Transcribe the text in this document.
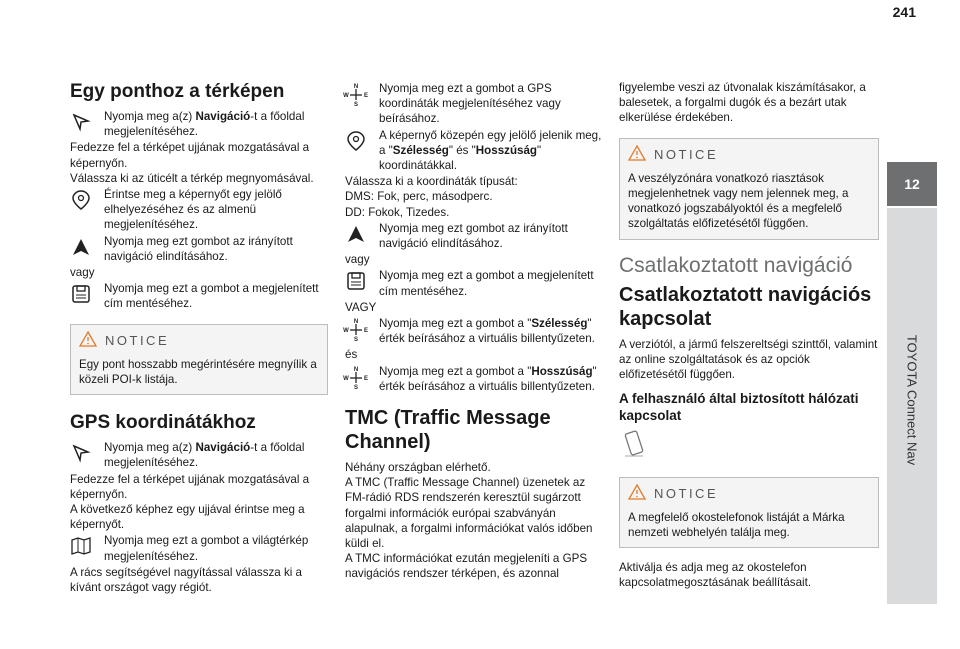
241
12
TOYOTA Connect Nav
Egy ponthoz a térképen
Nyomja meg a(z) Navigáció-t a főoldal megjelenítéséhez.

Fedezze fel a térképet ujjának mozgatásával a képernyőn.

Válassza ki az úticélt a térkép megnyomásával.

Érintse meg a képernyőt egy jelölő elhelyezéséhez és az almenü megjelenítéséhez.
Nyomja meg ezt gombot az irányított navigáció elindításához.

vagy

Nyomja meg ezt a gombot a megjelenített cím mentéséhez.
NOTICE

Egy pont hosszabb megérintésére megnyílik a közeli POI-k listája.

GPS koordinátákhoz
Nyomja meg a(z) Navigáció-t a főoldal megjelenítéséhez.

Fedezze fel a térképet ujjának mozgatásával a képernyőn.

A következő képhez egy ujjával érintse meg a képernyőt.

Nyomja meg ezt a gombot a világtérkép megjelenítéséhez.

A rács segítségével nagyítással válassza ki a kívánt országot vagy régiót.

N
S
W	E
Nyomja meg ezt a gombot a GPS koordináták megjelenítéséhez vagy beírásához.
A képernyő közepén egy jelölő jelenik meg, a "Szélesség" és "Hosszúság" koordinátákkal.

Válassza ki a koordináták típusát:

DMS: Fok, perc, másodperc.

DD: Fokok, Tizedes.

Nyomja meg ezt gombot az irányított navigáció elindításához.

vagy

Nyomja meg ezt a gombot a megjelenített cím mentéséhez.

VAGY

N
S
W	E
Nyomja meg ezt a gombot a "Szélesség" érték beírásához a virtuális billentyűzeten.

és

N
S
W	E
Nyomja meg ezt a gombot a "Hosszúság" érték beírásához a virtuális billentyűzeten.
TMC (Traffic Message Channel)

Néhány országban elérhető.

A TMC (Traffic Message Channel) üzenetek az FM-rádió RDS rendszerén keresztül sugárzott forgalmi információk európai szabványán alapulnak, a forgalmi információkat valós időben küldi el.

A TMC információkat ezután megjeleníti a GPS navigációs rendszer térképen, és azonnal

figyelembe veszi az útvonalak kiszámításakor, a balesetek, a forgalmi dugók és a bezárt utak elkerülése érdekében.

NOTICE

A veszélyzónára vonatkozó riasztások megjelenhetnek vagy nem jelennek meg, a vonatkozó jogszabályoktól és a megfelelő szolgáltatás előfizetésétől függően.

Csatlakoztatott navigáció
Csatlakoztatott navigációs kapcsolat

A verziótól, a jármű felszereltségi szinttől, valamint az online szolgáltatások és az opciók előfizetésétől függően.

A felhasználó által biztosított hálózati kapcsolat
NOTICE

A megfelelő okostelefonok listáját a Márka nemzeti webhelyén találja meg.

Aktiválja és adja meg az okostelefon kapcsolatmegosztásának beállításait.
